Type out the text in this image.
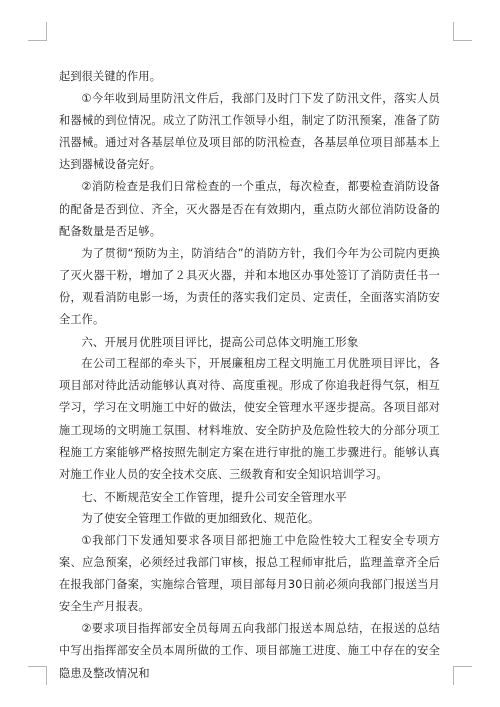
起到很关键的作用。

①今年收到局里防汛文件后，我部门及时门下发了防汛文件，落实人员和器械的到位情况。成立了防汛工作领导小组，制定了防汛预案，准备了防汛器械。通过对各基层单位及项目部的防汛检查，各基层单位项目部基本上达到器械设备完好。

②消防检查是我们日常检查的一个重点，每次检查，都要检查消防设备的配备是否到位、齐全，灭火器是否在有效期内，重点防火部位消防设备的配备数量是否足够。

为了贯彻“预防为主，防消结合”的消防方针，我们今年为公司院内更换了灭火器干粉，增加了２具灭火器，并和本地区办事处签订了消防责任书一份，观看消防电影一场，为责任的落实我们定员、定责任，全面落实消防安全工作。

六、开展月优胜项目评比，提高公司总体文明施工形象

在公司工程部的牵头下，开展廉租房工程文明施工月优胜项目评比，各项目部对待此活动能够认真对待、高度重视。形成了你追我赶得气氛，相互学习，学习在文明施工中好的做法，使安全管理水平逐步提高。各项目部对施工现场的文明施工氛围、材料堆放、安全防护及危险性较大的分部分项工程施工方案能够严格按照先制定方案在进行审批的施工步骤进行。能够认真对施工作业人员的安全技术交底、三级教育和安全知识培训学习。

七、不断规范安全工作管理，提升公司安全管理水平

为了使安全管理工作做的更加细致化、规范化。

①我部门下发通知要求各项目部把施工中危险性较大工程安全专项方案、应急预案，必须经过我部门审核，报总工程师审批后，监理盖章齐全后在报我部门备案，实施综合管理，项目部每月30日前必须向我部门报送当月安全生产月报表。

②要求项目指挥部安全员每周五向我部门报送本周总结，在报送的总结中写出指挥部安全员本周所做的工作、项目部施工进度、施工中存在的安全隐患及整改情况和
